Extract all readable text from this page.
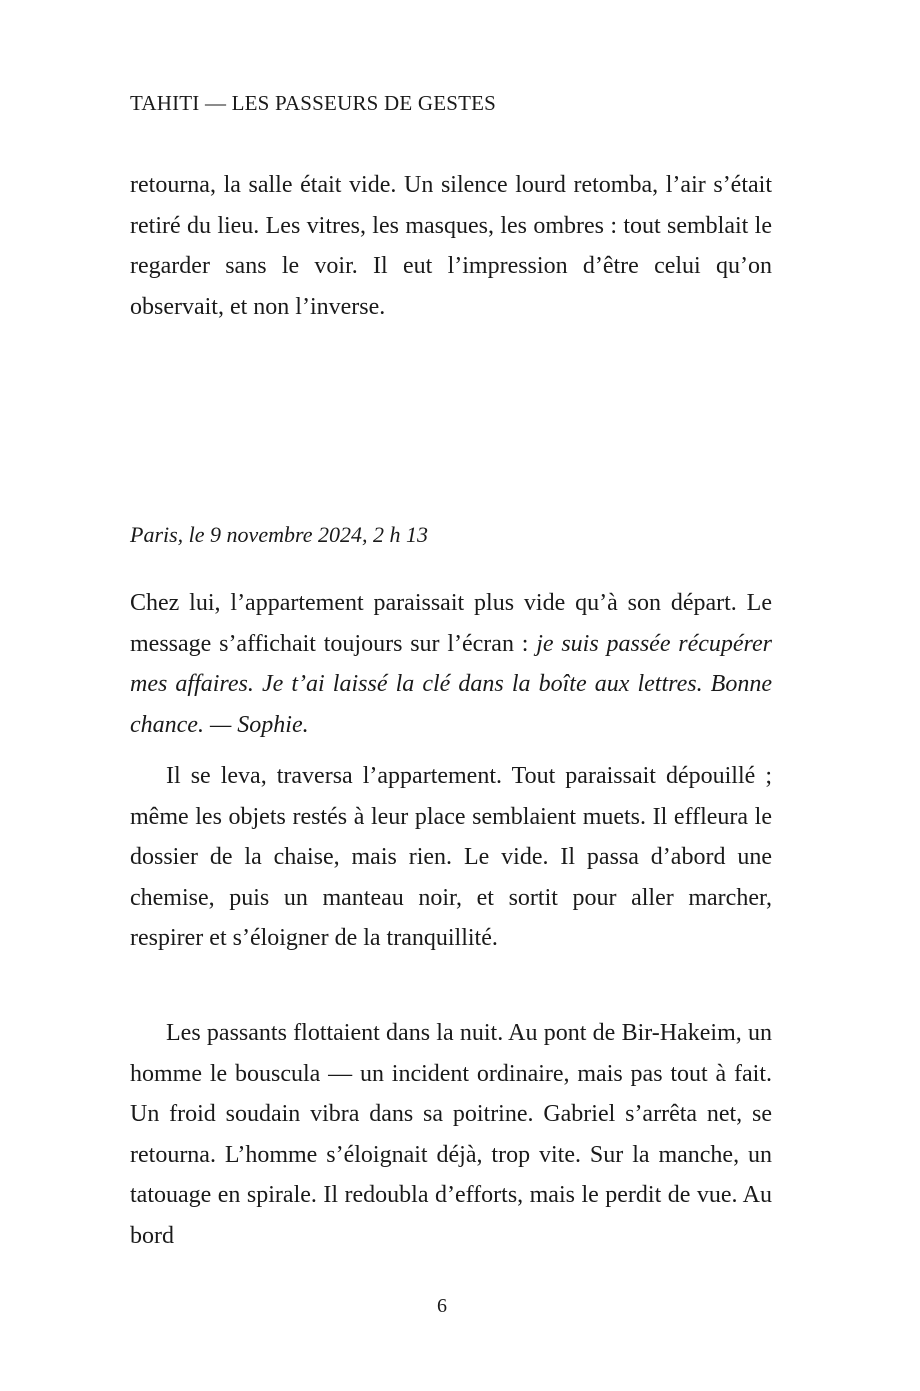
TAHITI — LES PASSEURS DE GESTES

retourna, la salle était vide. Un silence lourd retomba, l’air s’était retiré du lieu. Les vitres, les masques, les ombres : tout semblait le regarder sans le voir. Il eut l’impression d’être celui qu’on observait, et non l’inverse.

Paris, le 9 novembre 2024, 2 h 13

Chez lui, l’appartement paraissait plus vide qu’à son départ. Le message s’affichait toujours sur l’écran : je suis passée récupérer mes affaires. Je t’ai laissé la clé dans la boîte aux lettres. Bonne chance. — Sophie.

Il se leva, traversa l’appartement. Tout paraissait dépouillé ; même les objets restés à leur place semblaient muets. Il effleura le dossier de la chaise, mais rien. Le vide. Il passa d’abord une chemise, puis un manteau noir, et sortit pour aller marcher, respirer et s’éloigner de la tranquillité.

Les passants flottaient dans la nuit. Au pont de Bir-Hakeim, un homme le bouscula — un incident ordinaire, mais pas tout à fait. Un froid soudain vibra dans sa poitrine. Gabriel s’arrêta net, se retourna. L’homme s’éloignait déjà, trop vite. Sur la manche, un tatouage en spirale. Il redoubla d’efforts, mais le perdit de vue. Au bord

6
